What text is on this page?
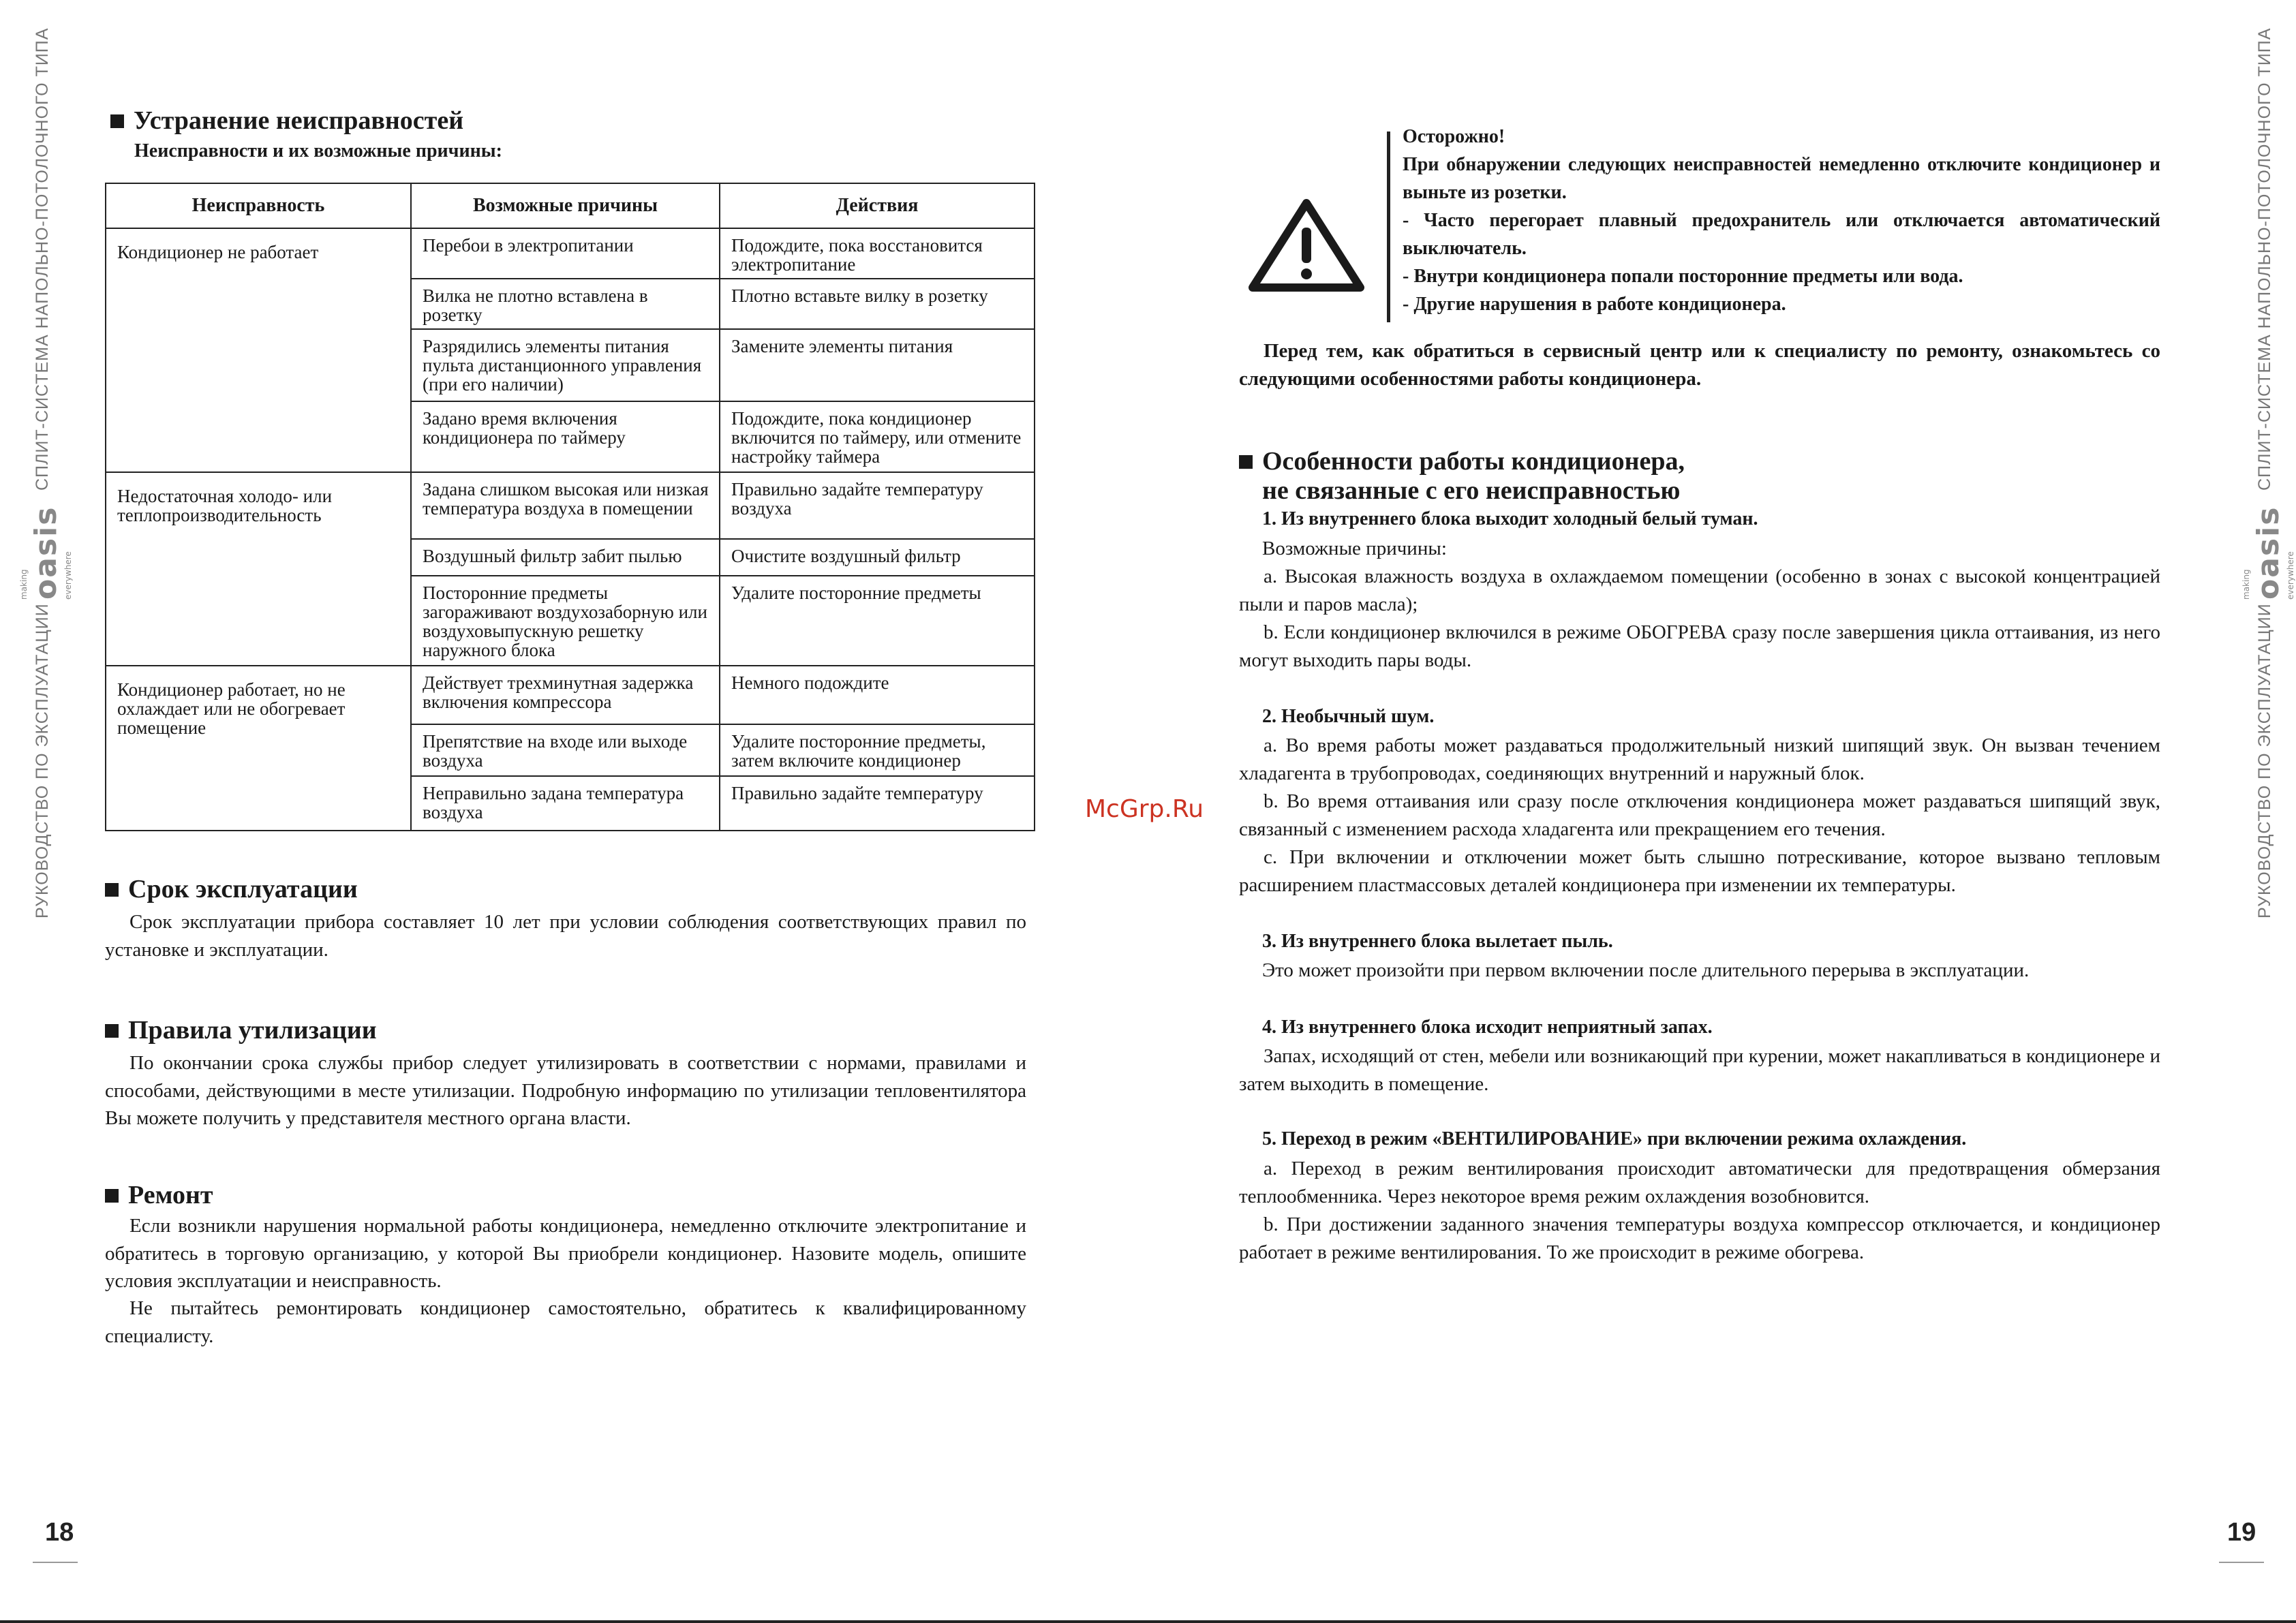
СПЛИТ-СИСТЕМА НАПОЛЬНО-ПОТОЛОЧНОГО ТИПА
making oasis everywhere
РУКОВОДСТВО ПО ЭКСПЛУАТАЦИИ
СПЛИТ-СИСТЕМА НАПОЛЬНО-ПОТОЛОЧНОГО ТИПА
making oasis everywhere
РУКОВОДСТВО ПО ЭКСПЛУАТАЦИИ
Устранение неисправностей
Неисправности и их возможные причины:
Неисправность	Возможные причины	Действия
Кондиционер не работает	Перебои в электропитании	Подождите, пока восстановится электропитание
	Вилка не плотно вставлена в розетку	Плотно вставьте вилку в розетку
	Разрядились элементы питания пульта дистанционного управления (при его наличии)	Замените элементы питания
	Задано время включения кондиционера по таймеру	Подождите, пока кондиционер включится по таймеру, или отмените настройку таймера
Недостаточная холодо- или теплопроизводительность	Задана слишком высокая или низкая температура воздуха в помещении	Правильно задайте температуру воздуха
	Воздушный фильтр забит пылью	Очистите воздушный фильтр
	Посторонние предметы загораживают воздухозаборную или воздуховыпускную решетку наружного блока	Удалите посторонние предметы
Кондиционер работает, но не охлаждает или не обогревает помещение	Действует трехминутная задержка включения компрессора	Немного подождите
	Препятствие на входе или выходе воздуха	Удалите посторонние предметы, затем включите кондиционер
	Неправильно задана температура воздуха	Правильно задайте температуру
Срок эксплуатации

Срок эксплуатации прибора составляет 10 лет при условии соблюдения соответствующих правил по установке и эксплуатации.

Правила утилизации

По окончании срока службы прибор следует утилизировать в соответствии с нормами, правилами и способами, действующими в месте утилизации. Подробную информацию по утилизации тепловентилятора Вы можете получить у представителя местного органа власти.

Ремонт

Если возникли нарушения нормальной работы кондиционера, немедленно отключите электропитание и обратитесь в торговую организацию, у которой Вы приобрели кондиционер. Назовите модель, опишите условия эксплуатации и неисправность.

Не пытайтесь ремонтировать кондиционер самостоятельно, обратитесь к квалифицированному специалисту.

18
McGrp.Ru
Осторожно!
При обнаружении следующих неисправностей немедленно отключите кондиционер и выньте из розетки.
- Часто перегорает плавный предохранитель или отключается автоматический выключатель.
- Внутри кондиционера попали посторонние предметы или вода.
- Другие нарушения в работе кондиционера.

Перед тем, как обратиться в сервисный центр или к специалисту по ремонту, ознакомьтесь со следующими особенностями работы кондиционера.

Особенности работы кондиционера,
не связанные с его неисправностью
1. Из внутреннего блока выходит холодный белый туман.

Возможные причины:

a. Высокая влажность воздуха в охлаждаемом помещении (особенно в зонах с высокой концентрацией пыли и паров масла);

b. Если кондиционер включился в режиме ОБОГРЕВА сразу после завершения цикла оттаивания, из него могут выходить пары воды.

2. Необычный шум.

a. Во время работы может раздаваться продолжительный низкий шипящий звук. Он вызван течением хладагента в трубопроводах, соединяющих внутренний и наружный блок.

b. Во время оттаивания или сразу после отключения кондиционера может раздаваться шипящий звук, связанный с изменением расхода хладагента или прекращением его течения.

c. При включении и отключении может быть слышно потрескивание, которое вызвано тепловым расширением пластмассовых деталей кондиционера при изменении их температуры.

3. Из внутреннего блока вылетает пыль.

Это может произойти при первом включении после длительного перерыва в эксплуатации.

4. Из внутреннего блока исходит неприятный запах.

Запах, исходящий от стен, мебели или возникающий при курении, может накапливаться в кондиционере и затем выходить в помещение.

5. Переход в режим «ВЕНТИЛИРОВАНИЕ» при включении режима охлаждения.

a. Переход в режим вентилирования происходит автоматически для предотвращения обмерзания теплообменника. Через некоторое время режим охлаждения возобновится.

b. При достижении заданного значения температуры воздуха компрессор отключается, и кондиционер работает в режиме вентилирования. То же происходит в режиме обогрева.

19
